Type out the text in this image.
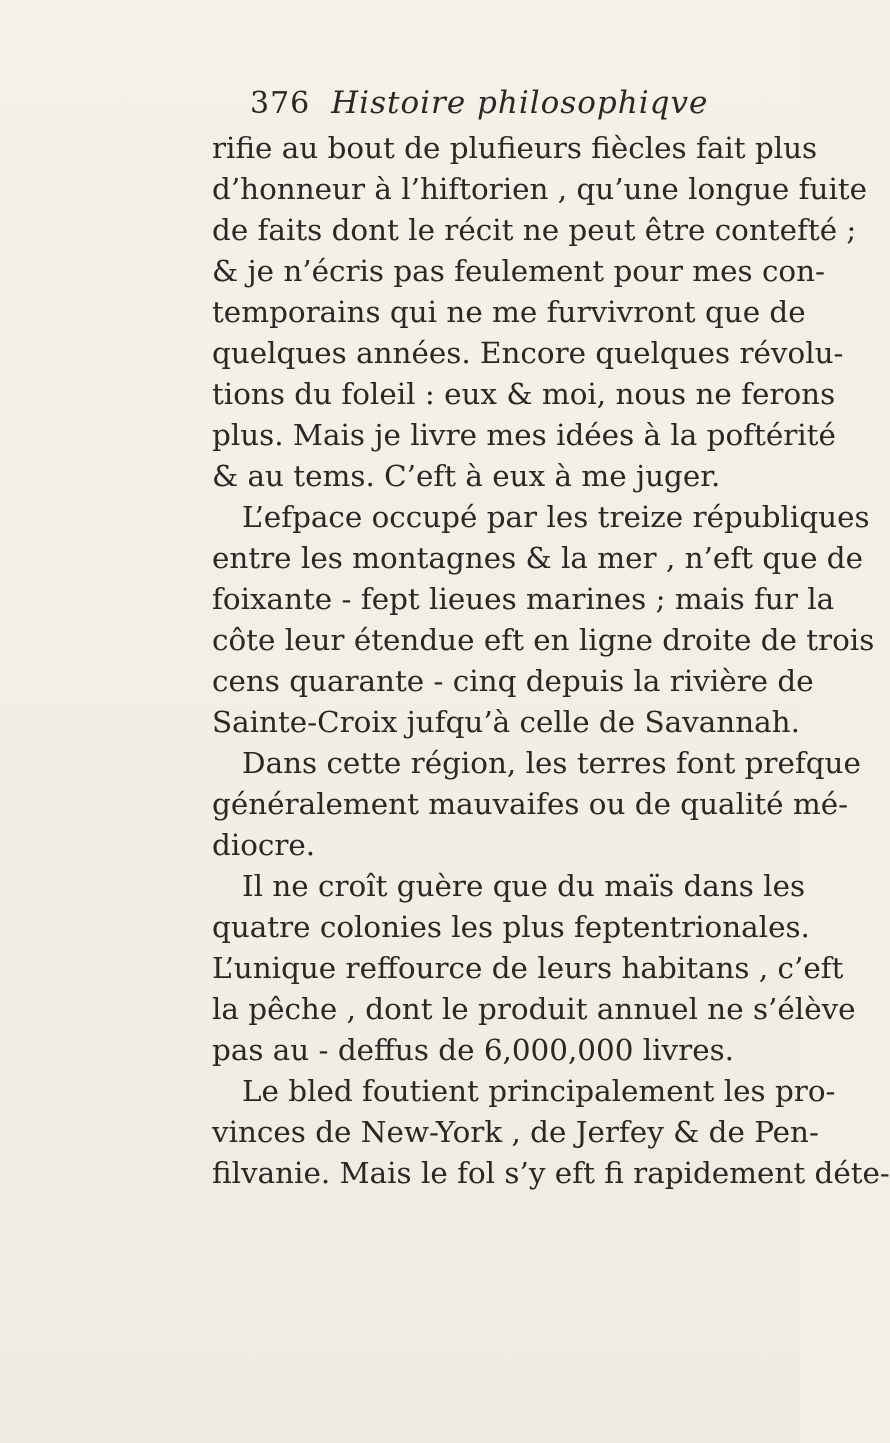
376 Histoire philosophiqve
rifie au bout de plufieurs fiècles fait plus
d’honneur à l’hiftorien , qu’une longue fuite
de faits dont le récit ne peut être contefté ;
& je n’écris pas feulement pour mes con-
temporains qui ne me furvivront que de
quelques années. Encore quelques révolu-
tions du foleil : eux & moi, nous ne ferons
plus. Mais je livre mes idées à la poftérité
& au tems. C’eft à eux à me juger.
L’efpace occupé par les treize républiques
entre les montagnes & la mer , n’eft que de
foixante - fept lieues marines ; mais fur la
côte leur étendue eft en ligne droite de trois
cens quarante - cinq depuis la rivière de
Sainte-Croix jufqu’à celle de Savannah.
Dans cette région, les terres font prefque
généralement mauvaifes ou de qualité mé-
diocre.
Il ne croît guère que du maïs dans les
quatre colonies les plus feptentrionales.
L’unique reffource de leurs habitans , c’eft
la pêche , dont le produit annuel ne s’élève
pas au - deffus de 6,000,000 livres.
Le bled foutient principalement les pro-
vinces de New-York , de Jerfey & de Pen-
filvanie. Mais le fol s’y eft fi rapidement déte-
